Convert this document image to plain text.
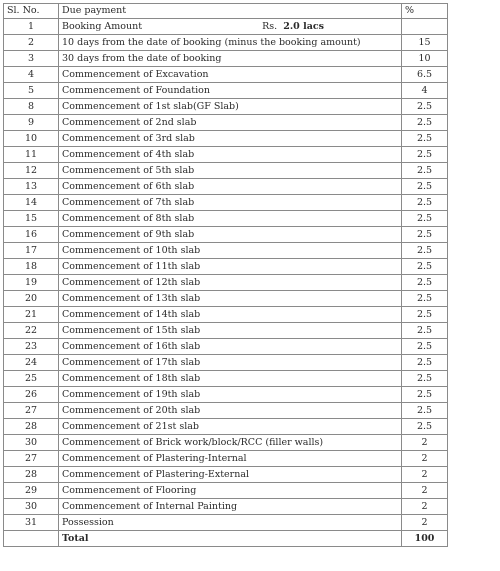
Sl. No.	Due payment	%
1	Booking Amount Rs. 2.0 lacs	

2	10 days from the date of booking (minus the booking amount)	15
3	30 days from the date of booking	10
4	Commencement of Excavation	6.5
5	Commencement of Foundation	4
8	Commencement of 1st slab(GF Slab)	2.5
9	Commencement of 2nd slab	2.5
10	Commencement of 3rd slab	2.5
11	Commencement of 4th slab	2.5
12	Commencement of 5th slab	2.5
13	Commencement of 6th slab	2.5
14	Commencement of 7th slab	2.5
15	Commencement of 8th slab	2.5
16	Commencement of 9th slab	2.5
17	Commencement of 10th slab	2.5
18	Commencement of 11th slab	2.5
19	Commencement of 12th slab	2.5
20	Commencement of 13th slab	2.5
21	Commencement of 14th slab	2.5
22	Commencement of 15th slab	2.5
23	Commencement of 16th slab	2.5
24	Commencement of 17th slab	2.5
25	Commencement of 18th slab	2.5
26	Commencement of 19th slab	2.5
27	Commencement of 20th slab	2.5
28	Commencement of 21st slab	2.5
30	Commencement of Brick work/block/RCC (filler walls)	2
27	Commencement of Plastering-Internal	2
28	Commencement of Plastering-External	2
29	Commencement of Flooring	2
30	Commencement of Internal Painting	2
31	Possession	2
	Total	100
